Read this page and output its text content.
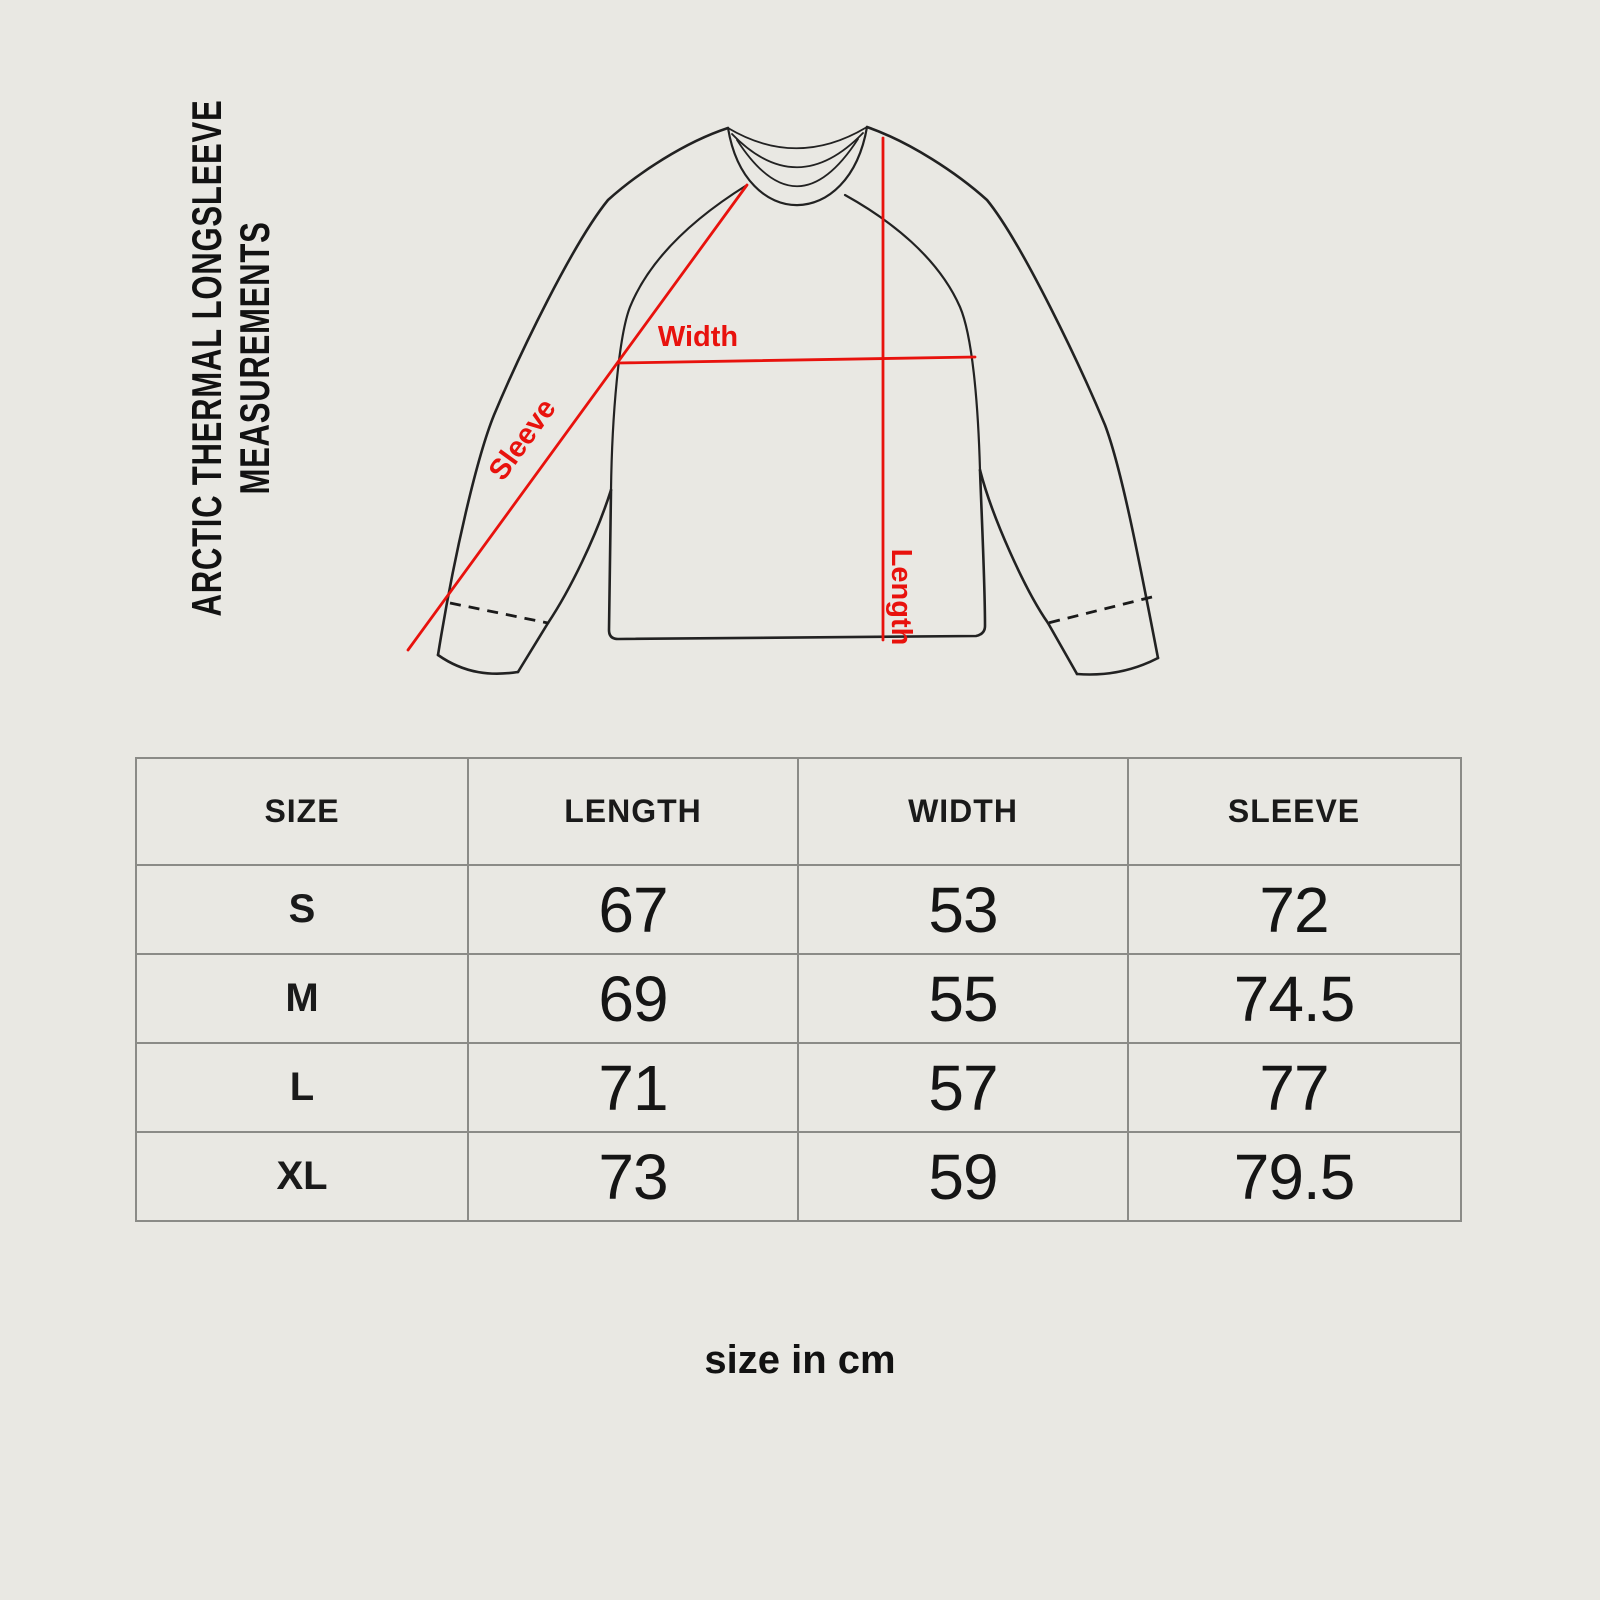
ARCTIC THERMAL LONGSLEEVE MEASUREMENTS	Width
Sleeve
Length
SIZE	LENGTH	WIDTH	SLEEVE
S	67	53	72
M	69	55	74.5
L	71	57	77
XL	73	59	79.5
size in cm
